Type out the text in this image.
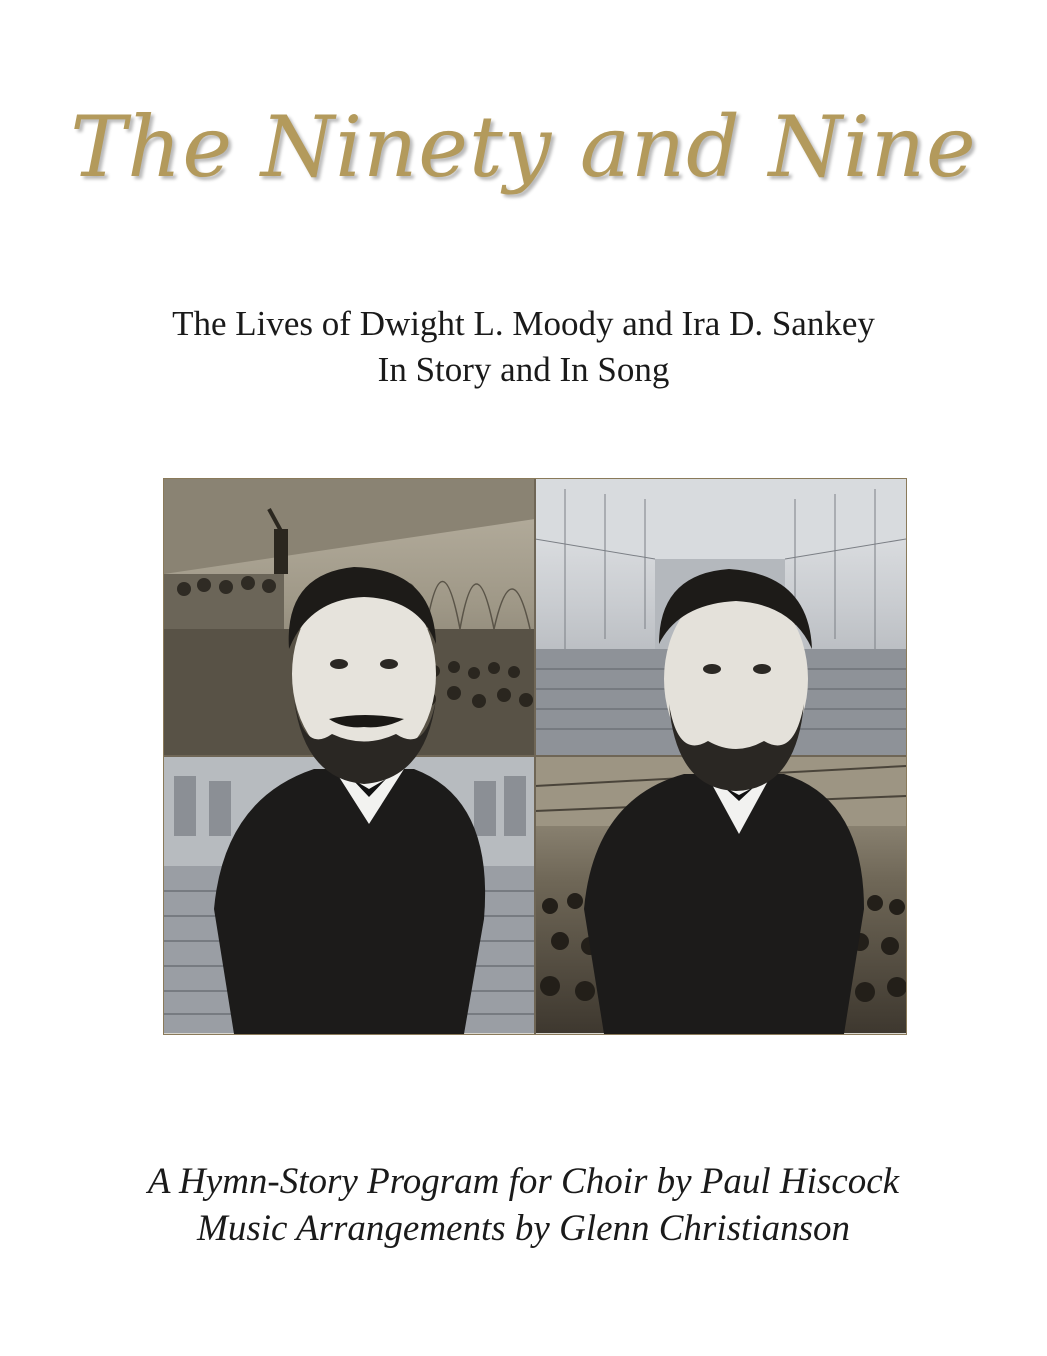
The Ninety and Nine
The Lives of Dwight L. Moody and Ira D. Sankey
In Story and In Song
A Hymn-Story Program for Choir by Paul Hiscock
Music Arrangements by Glenn Christianson
